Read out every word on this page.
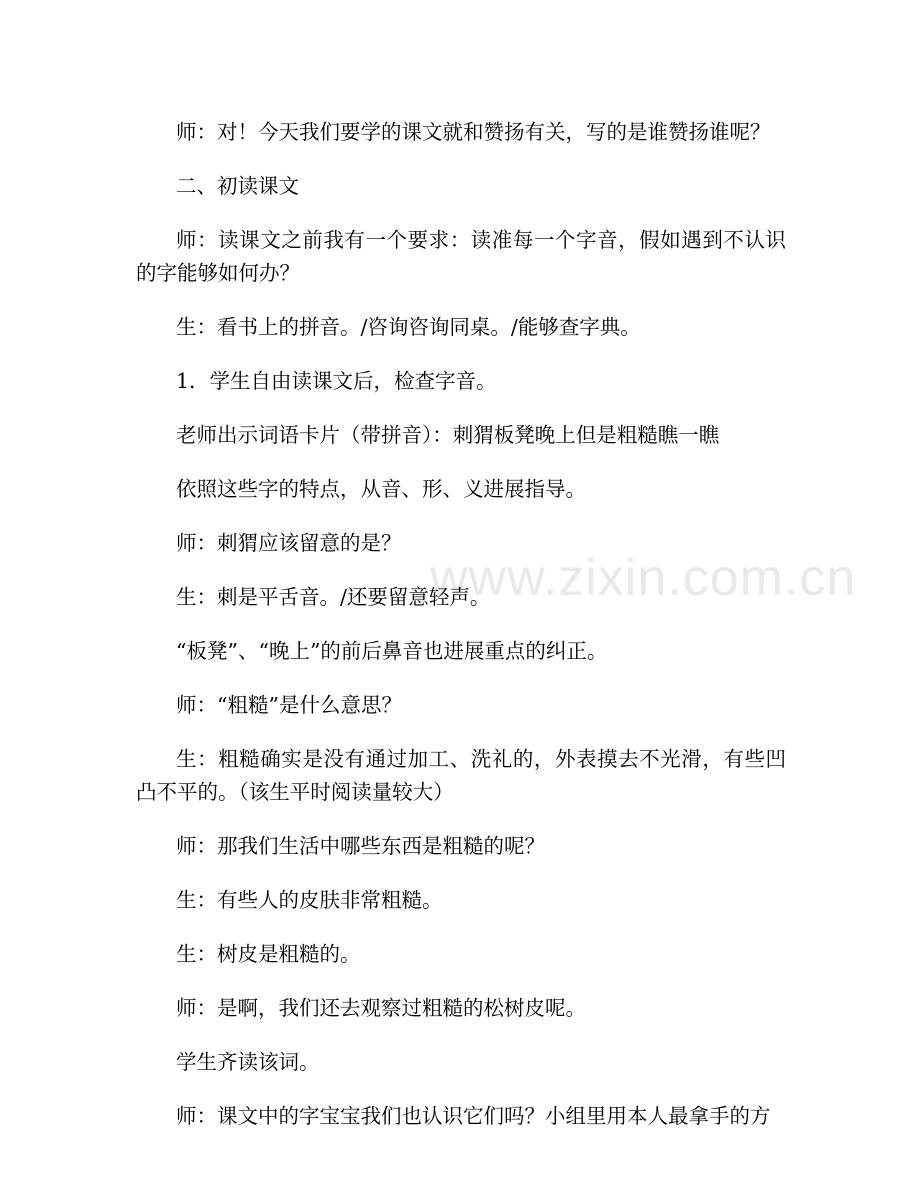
www.zixin.com.cn

师：对！今天我们要学的课文就和赞扬有关，写的是谁赞扬谁呢？

二、初读课文

师：读课文之前我有一个要求：读准每一个字音，假如遇到不认识的字能够如何办？

生：看书上的拼音。/咨询咨询同桌。/能够查字典。

1．学生自由读课文后，检查字音。

老师出示词语卡片（带拼音）：刺猬板凳晚上但是粗糙瞧一瞧

依照这些字的特点，从音、形、义进展指导。

师：刺猬应该留意的是？

生：刺是平舌音。/还要留意轻声。

“板凳”、“晚上”的前后鼻音也进展重点的纠正。

师：“粗糙”是什么意思？

生：粗糙确实是没有通过加工、洗礼的，外表摸去不光滑，有些凹凸不平的。（该生平时阅读量较大）

师：那我们生活中哪些东西是粗糙的呢？

生：有些人的皮肤非常粗糙。

生：树皮是粗糙的。

师：是啊，我们还去观察过粗糙的松树皮呢。

学生齐读该词。

师：课文中的字宝宝我们也认识它们吗？小组里用本人最拿手的方
